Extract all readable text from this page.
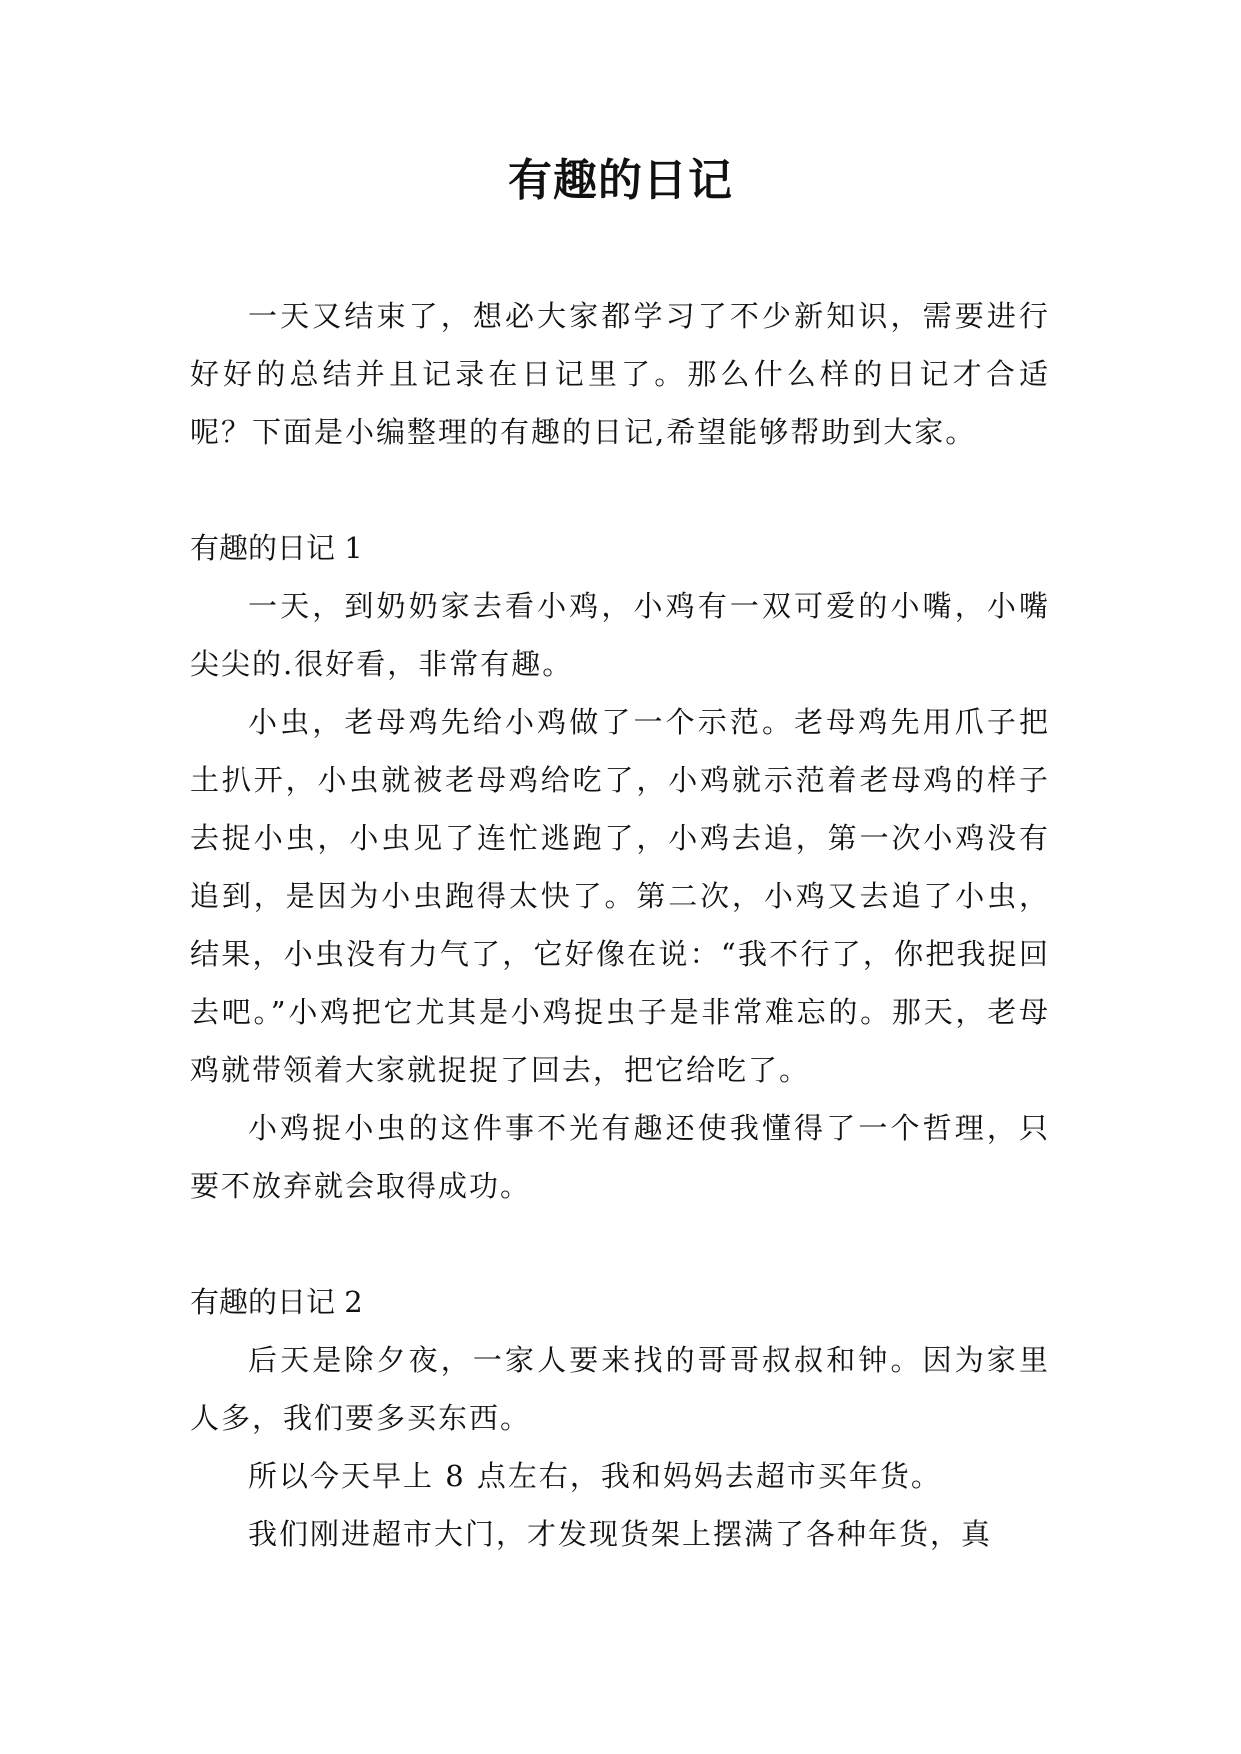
有趣的日记

一天又结束了，想必大家都学习了不少新知识，需要进行好好的总结并且记录在日记里了。那么什么样的日记才合适呢？下面是小编整理的有趣的日记,希望能够帮助到大家。

有趣的日记 1

一天，到奶奶家去看小鸡，小鸡有一双可爱的小嘴，小嘴尖尖的.很好看，非常有趣。

小虫，老母鸡先给小鸡做了一个示范。老母鸡先用爪子把土扒开，小虫就被老母鸡给吃了，小鸡就示范着老母鸡的样子去捉小虫，小虫见了连忙逃跑了，小鸡去追，第一次小鸡没有追到，是因为小虫跑得太快了。第二次，小鸡又去追了小虫，结果，小虫没有力气了，它好像在说：“我不行了，你把我捉回去吧。”小鸡把它尤其是小鸡捉虫子是非常难忘的。那天，老母鸡就带领着大家就捉捉了回去，把它给吃了。

小鸡捉小虫的这件事不光有趣还使我懂得了一个哲理，只要不放弃就会取得成功。

有趣的日记 2

后天是除夕夜，一家人要来找的哥哥叔叔和钟。因为家里人多，我们要多买东西。

所以今天早上 8 点左右，我和妈妈去超市买年货。

我们刚进超市大门，才发现货架上摆满了各种年货，真
